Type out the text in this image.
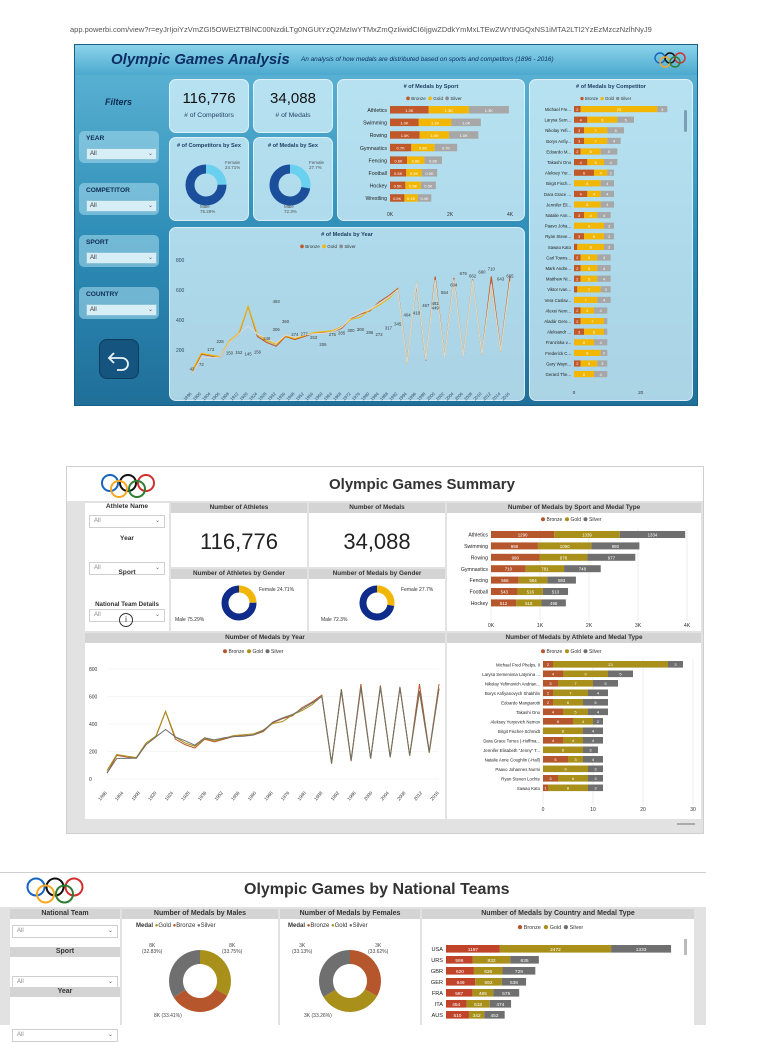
app.powerbi.com/view?r=eyJrIjoiYzVmZGI5OWEtZTBlNC00NzdiLTg0NGUtYzQ2MzIwYTMxZmQzIiwidCI6IjgwZDdkYmMxLTEwZWYtNGQxNS1iMTA2LTI2YzEzMzczNzlhNyJ9
Olympic Games Analysis An analysis of how medals are distributed based on sports and competitors (1896 - 2016)
Filters
YEAR
All	⌄
COMPETITOR
All	⌄
SPORT
All	⌄
COUNTRY
All	⌄
116,776
# of Competitors
34,088
# of Medals
# of Competitors by Sex
Female
24.71%
Male
75.29%
# of Medals by Sex
Female
27.7%
Male
72.3%
# of Medals by Sport
Bronze Gold Silver
Athletics	1.3K	1.3K	1.3K
Swimming	1.0K	1.1K	1.0K
Rowing	1.0K	1.0K	1.0K
Gymnastics 0.7K	0.8K	0.7K
Fencing 0.6K 0.6K 0.6K
Football 0.5K 0.5K 0.5K
Hockey 0.5K 0.5K 0.5K
Wrestling 0.5K 0.4K 0.4K
0K	2K	4K
# of Medals by Competitor
Bronze Gold Silver
Michael Fre... 2	23	3
Larysa Sem... 4	9	5
Nikolay Yefi... 3	7	5
Borys Anfiy... 3	7	4
Edoardo M... 2	6	5
Takashi Ono 4	5	4
Aleksey Yur...	6	4 2
Birgit Fisch...	8	4
Dara Grace ... 4	4	4
Jennifer Eli...	8	4
Natalie Ann... 3	4	4
Paavo Joha...	9	3
Ryan Steve... 3	6	3
Sawao Kato	8	3
Carl Towns... 2	5	4
Mark Andre... 2	5	4
Matthew Ni... 2	5	4
Viktor Ivan...	7	3
Vera Caslav...	7	4
Alexei Nem... 2 4	4
Aladár Gero... 2	7
Aleksandr ... 3	6
Franziska v...	6	4
Frederick C...	8	2
Gary Wayn... 2	5	3
Gerard The...	6	4
0	20
# of Medals by Year
Bronze Gold Silver
200
400
600
800
43
72
173
228
150 152 145 156
246
306
493
360
274 277
253
206
275 285 300 308
286 272
317
345
404 418
467
449
481
554
604
679
662
690
710
643
665
1896 1900 1904 1906 1908 1912 1920 1924 1928 1932 1936 1948 1952 1956 1960 1964 1968 1972 1976 1980 1984 1988 1992 1994 1996 1998 2000 2002 2004 2006 2008 2010 2012 2014 2016
Olympic Games Summary
Athlete Name
All	⌄
Year
All	⌄
Sport
All	⌄
National Team Details
i
Number of Athletes
116,776
Number of Medals
34,088
Number of Athletes by Gender
Female 24.71%
Male 75.29%
Number of Medals by Gender
Female 27.7%
Male 72.3%
Number of Medals by Sport and Medal Type
Bronze Gold Silver
Athletics	1290	1339	1334
Swimming	958	1090	980
Rowing	990	978	977
Gymnastics	710	781	748
Fencing	566	584	583
Football	543	516	513
Hockey	512	518	498
0K	1K	2K	3K	4K
Number of Medals by Year
Bronze Gold Silver
0
200
400
600
800
1896 1904 1908 1920 1924 1928 1936 1952 1956 1960 1968 1976 1980 1988 1992 1996 2000 2004 2008 2012 2016
Number of Medals by Athlete and Medal Type
Bronze Gold Silver
Michael Fred Phelps, II 2	23	3
Larysa Semenivna Latynina ...	4	9	5
Nikolay Yefimovich Andrian... 3	7	5
Borys Anfiyanovych Shakhlin 2	7	4
Edoardo Mangiarotti 2	6	5
Takashi Ono	4	5	4
Aleksey Yuryevich Nemov	6	4	2
Birgit Fischer-Schmidt	8	4
Dara Grace Torres (-Hoffma...	4	4	4
Jennifer Elisabeth "Jenny" T...	8	3
Natalie Anne Coughlin (-Hall)	5	3	4
Paavo Johannes Nurmi	9	3
Ryan Steven Lochte 3	6	3
Sawao Kato 1	8	3
0	10	20	30
Olympic Games by National Teams
National Team
All	⌄
Sport
All	⌄
Year
All	⌄
Number of Medals by Males
Medal ●Gold ●Bronze ●Silver
8K
(32.83%)
8K
(33.75%)
8K (33.41%)
Number of Medals by Females
Medal ●Bronze ●Gold ●Silver
3K
(33.13%)
3K
(33.62%)
3K (33.26%)
Number of Medals by Country and Medal Type
Bronze Gold Silver
USA	1197	2472	1333
URS	596	832	635
GBR	620	636	729
GER	649	592	538
FRA	587	465	575
ITA 454	518	474
AUS 510 342 452
